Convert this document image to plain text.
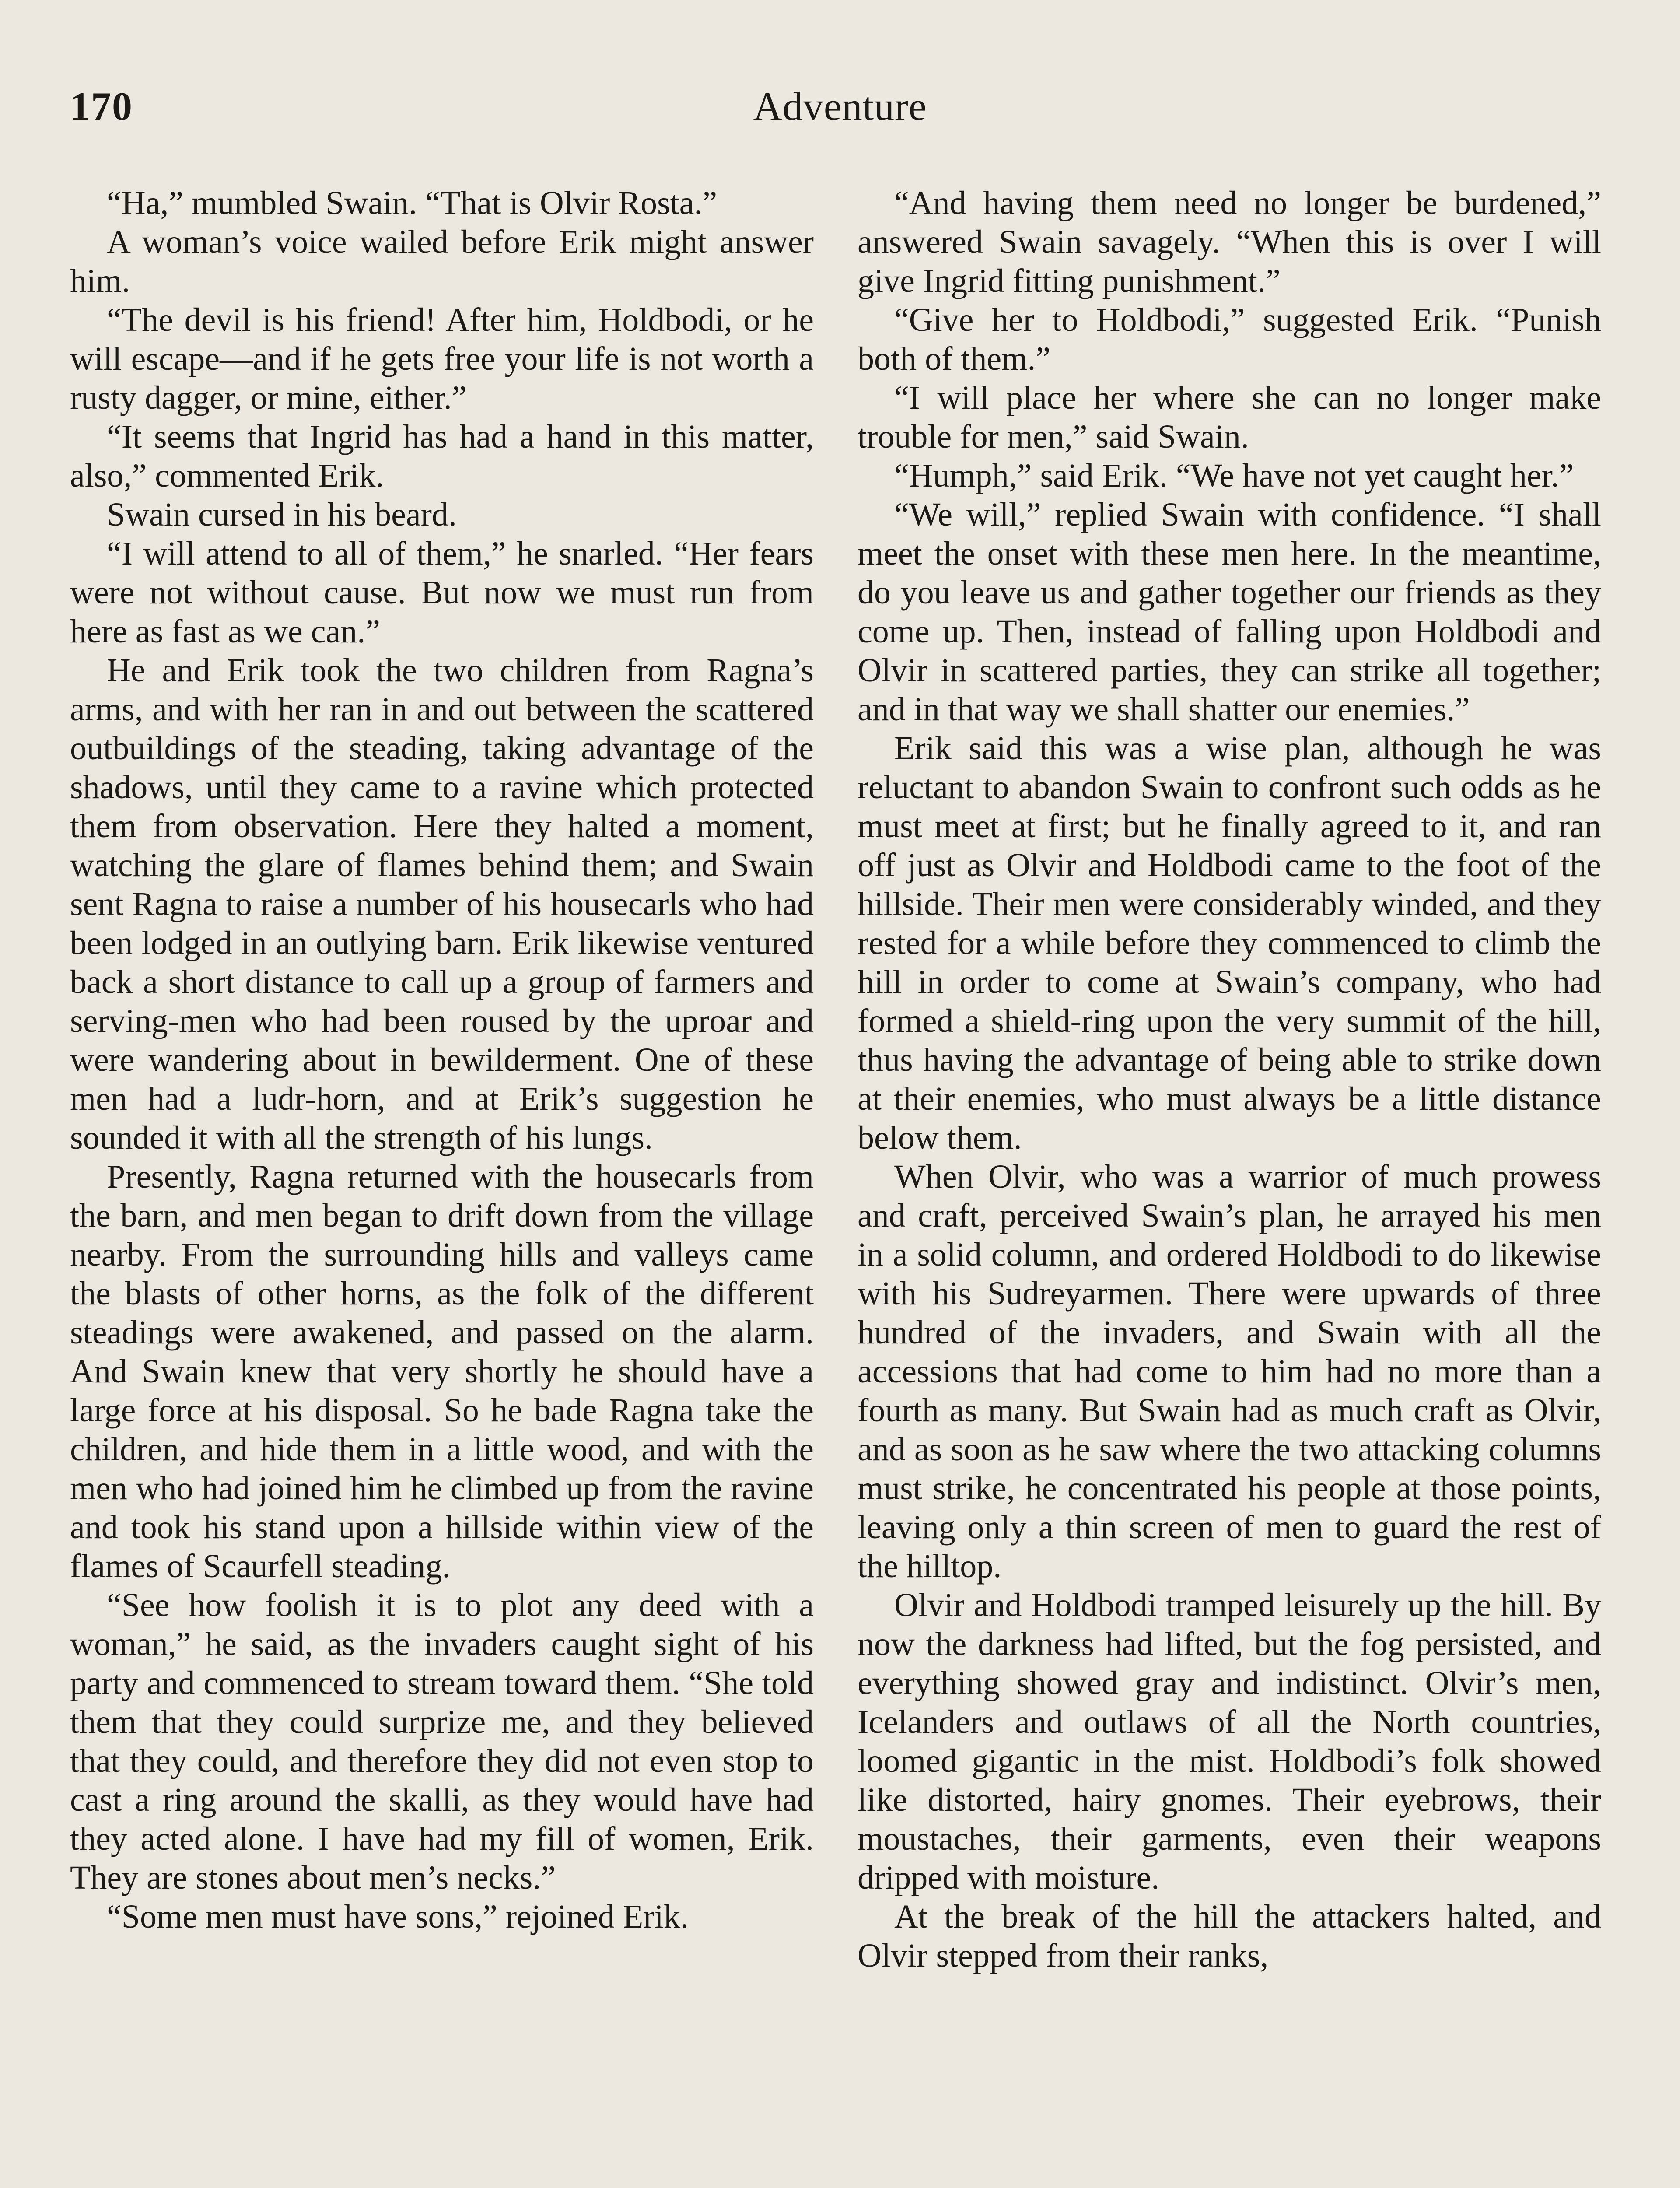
170	Adventure

“Ha,” mumbled Swain. “That is Olvir Rosta.”

A woman’s voice wailed before Erik might answer him.

“The devil is his friend! After him, Holdbodi, or he will escape—and if he gets free your life is not worth a rusty dagger, or mine, either.”

“It seems that Ingrid has had a hand in this matter, also,” commented Erik.

Swain cursed in his beard.

“I will attend to all of them,” he snarled. “Her fears were not without cause. But now we must run from here as fast as we can.”

He and Erik took the two children from Ragna’s arms, and with her ran in and out between the scattered outbuildings of the steading, taking advantage of the shadows, until they came to a ravine which protected them from observation. Here they halted a moment, watching the glare of flames behind them; and Swain sent Ragna to raise a number of his housecarls who had been lodged in an outlying barn. Erik likewise ventured back a short distance to call up a group of farmers and serving-men who had been roused by the uproar and were wandering about in bewilderment. One of these men had a ludr-horn, and at Erik’s suggestion he sounded it with all the strength of his lungs.

Presently, Ragna returned with the housecarls from the barn, and men began to drift down from the village nearby. From the surrounding hills and valleys came the blasts of other horns, as the folk of the different steadings were awakened, and passed on the alarm. And Swain knew that very shortly he should have a large force at his disposal. So he bade Ragna take the children, and hide them in a little wood, and with the men who had joined him he climbed up from the ravine and took his stand upon a hillside within view of the flames of Scaurfell steading.

“See how foolish it is to plot any deed with a woman,” he said, as the invaders caught sight of his party and commenced to stream toward them. “She told them that they could surprize me, and they believed that they could, and therefore they did not even stop to cast a ring around the skalli, as they would have had they acted alone. I have had my fill of women, Erik. They are stones about men’s necks.”

“Some men must have sons,” rejoined Erik.

“And having them need no longer be burdened,” answered Swain savagely. “When this is over I will give Ingrid fitting punishment.”

“Give her to Holdbodi,” suggested Erik. “Punish both of them.”

“I will place her where she can no longer make trouble for men,” said Swain.

“Humph,” said Erik. “We have not yet caught her.”

“We will,” replied Swain with confidence. “I shall meet the onset with these men here. In the meantime, do you leave us and gather together our friends as they come up. Then, instead of falling upon Holdbodi and Olvir in scattered parties, they can strike all together; and in that way we shall shatter our enemies.”

Erik said this was a wise plan, although he was reluctant to abandon Swain to confront such odds as he must meet at first; but he finally agreed to it, and ran off just as Olvir and Holdbodi came to the foot of the hillside. Their men were considerably winded, and they rested for a while before they commenced to climb the hill in order to come at Swain’s company, who had formed a shield-ring upon the very summit of the hill, thus having the advantage of being able to strike down at their enemies, who must always be a little distance below them.

When Olvir, who was a warrior of much prowess and craft, perceived Swain’s plan, he arrayed his men in a solid column, and ordered Holdbodi to do likewise with his Sudreyarmen. There were upwards of three hundred of the invaders, and Swain with all the accessions that had come to him had no more than a fourth as many. But Swain had as much craft as Olvir, and as soon as he saw where the two attacking columns must strike, he concentrated his people at those points, leaving only a thin screen of men to guard the rest of the hilltop.

Olvir and Holdbodi tramped leisurely up the hill. By now the darkness had lifted, but the fog persisted, and everything showed gray and indistinct. Olvir’s men, Icelanders and outlaws of all the North countries, loomed gigantic in the mist. Holdbodi’s folk showed like distorted, hairy gnomes. Their eyebrows, their moustaches, their garments, even their weapons dripped with moisture.

At the break of the hill the attackers halted, and Olvir stepped from their ranks,
